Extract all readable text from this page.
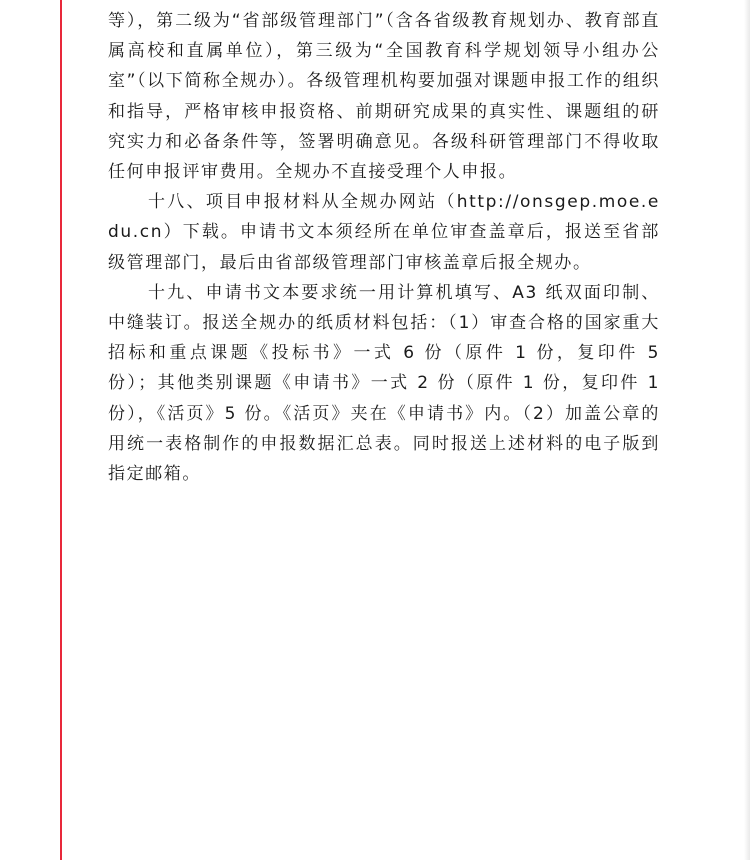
等），第二级为“省部级管理部门”（含各省级教育规划办、教育部直属高校和直属单位），第三级为“全国教育科学规划领导小组办公室”（以下简称全规办）。各级管理机构要加强对课题申报工作的组织和指导，严格审核申报资格、前期研究成果的真实性、课题组的研究实力和必备条件等，签署明确意见。各级科研管理部门不得收取任何申报评审费用。全规办不直接受理个人申报。

十八、项目申报材料从全规办网站（http://onsgep.moe.edu.cn）下载。申请书文本须经所在单位审查盖章后，报送至省部级管理部门，最后由省部级管理部门审核盖章后报全规办。

十九、申请书文本要求统一用计算机填写、A3 纸双面印制、中缝装订。报送全规办的纸质材料包括：（1）审查合格的国家重大招标和重点课题《投标书》一式 6 份（原件 1 份，复印件 5 份）；其他类别课题《申请书》一式 2 份（原件 1 份，复印件 1 份），《活页》5 份。《活页》夹在《申请书》内。（2）加盖公章的用统一表格制作的申报数据汇总表。同时报送上述材料的电子版到指定邮箱。
